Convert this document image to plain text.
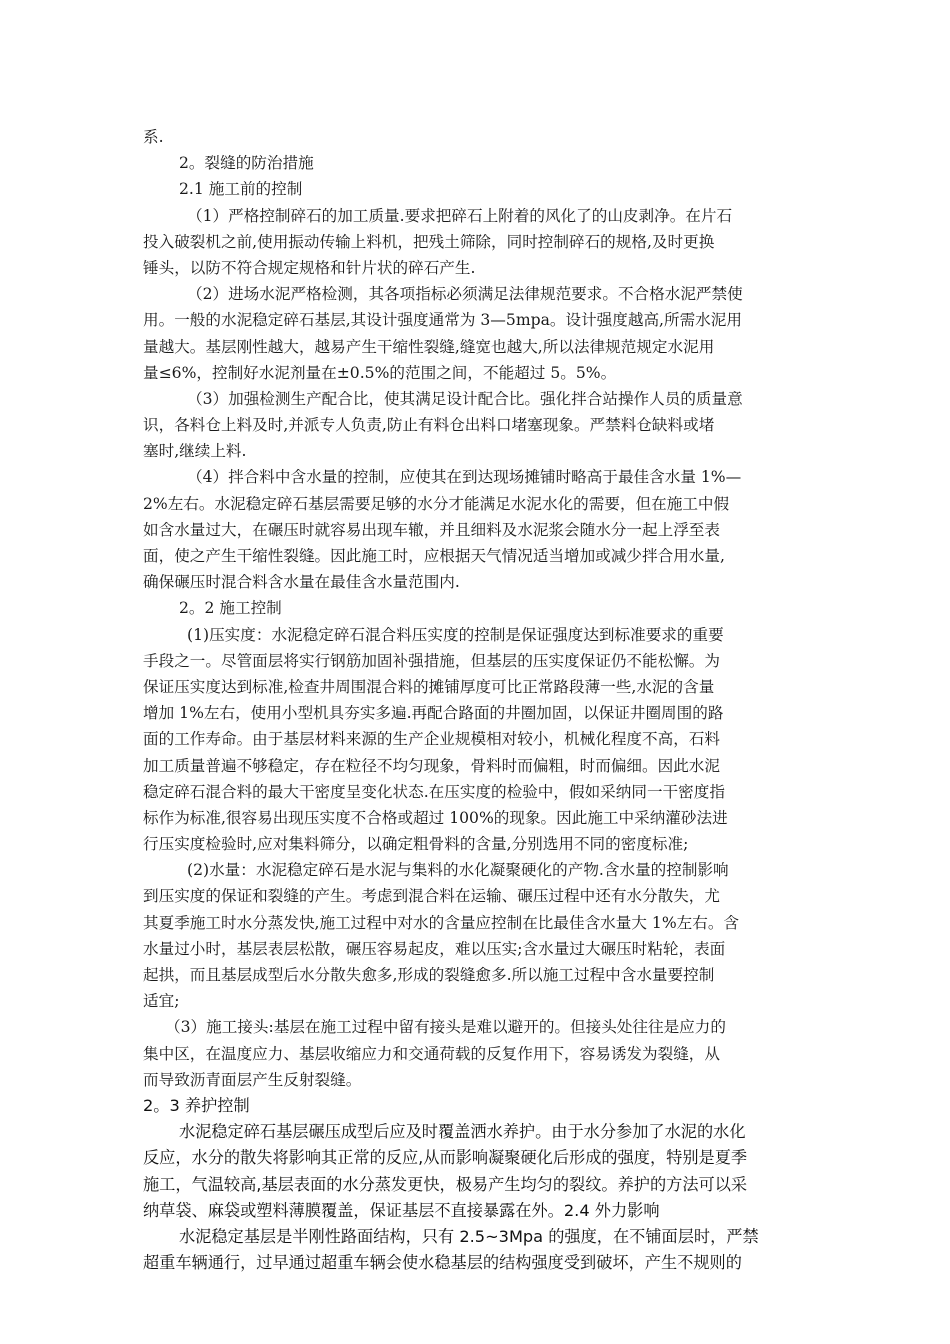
系.
2。裂缝的防治措施
2.1 施工前的控制
（1）严格控制碎石的加工质量.要求把碎石上附着的风化了的山皮剥净。在片石
投入破裂机之前,使用振动传输上料机，把残土筛除，同时控制碎石的规格,及时更换
锤头，以防不符合规定规格和针片状的碎石产生.
（2）进场水泥严格检测，其各项指标必须满足法律规范要求。不合格水泥严禁使
用。一般的水泥稳定碎石基层,其设计强度通常为 3—5mpa。设计强度越高,所需水泥用
量越大。基层刚性越大，越易产生干缩性裂缝,缝宽也越大,所以法律规范规定水泥用
量≤6%，控制好水泥剂量在±0.5%的范围之间，不能超过 5。5%。
（3）加强检测生产配合比，使其满足设计配合比。强化拌合站操作人员的质量意
识，各料仓上料及时,并派专人负责,防止有料仓出料口堵塞现象。严禁料仓缺料或堵
塞时,继续上料.
（4）拌合料中含水量的控制，应使其在到达现场摊铺时略高于最佳含水量 1%—
2%左右。水泥稳定碎石基层需要足够的水分才能满足水泥水化的需要，但在施工中假
如含水量过大，在碾压时就容易出现车辙，并且细料及水泥浆会随水分一起上浮至表
面，使之产生干缩性裂缝。因此施工时，应根据天气情况适当增加或减少拌合用水量,
确保碾压时混合料含水量在最佳含水量范围内.
2。2 施工控制
(1)压实度：水泥稳定碎石混合料压实度的控制是保证强度达到标准要求的重要
手段之一。尽管面层将实行钢筋加固补强措施，但基层的压实度保证仍不能松懈。为
保证压实度达到标准,检查井周围混合料的摊铺厚度可比正常路段薄一些,水泥的含量
增加 1%左右，使用小型机具夯实多遍.再配合路面的井圈加固，以保证井圈周围的路
面的工作寿命。由于基层材料来源的生产企业规模相对较小，机械化程度不高，石料
加工质量普遍不够稳定，存在粒径不均匀现象，骨料时而偏粗，时而偏细。因此水泥
稳定碎石混合料的最大干密度呈变化状态.在压实度的检验中，假如采纳同一干密度指
标作为标准,很容易出现压实度不合格或超过 100%的现象。因此施工中采纳灌砂法进
行压实度检验时,应对集料筛分，以确定粗骨料的含量,分别选用不同的密度标准;
(2)水量：水泥稳定碎石是水泥与集料的水化凝聚硬化的产物.含水量的控制影响
到压实度的保证和裂缝的产生。考虑到混合料在运输、碾压过程中还有水分散失，尤
其夏季施工时水分蒸发快,施工过程中对水的含量应控制在比最佳含水量大 1%左右。含
水量过小时，基层表层松散，碾压容易起皮，难以压实;含水量过大碾压时粘轮，表面
起拱，而且基层成型后水分散失愈多,形成的裂缝愈多.所以施工过程中含水量要控制
适宜;
（3）施工接头:基层在施工过程中留有接头是难以避开的。但接头处往往是应力的
集中区，在温度应力、基层收缩应力和交通荷载的反复作用下，容易诱发为裂缝，从
而导致沥青面层产生反射裂缝。
2。3 养护控制
水泥稳定碎石基层碾压成型后应及时覆盖洒水养护。由于水分参加了水泥的水化
反应，水分的散失将影响其正常的反应,从而影响凝聚硬化后形成的强度，特别是夏季
施工，气温较高,基层表面的水分蒸发更快，极易产生均匀的裂纹。养护的方法可以采
纳草袋、麻袋或塑料薄膜覆盖，保证基层不直接暴露在外。2.4 外力影响
水泥稳定基层是半刚性路面结构，只有 2.5~3Mpa 的强度，在不铺面层时，严禁
超重车辆通行，过早通过超重车辆会使水稳基层的结构强度受到破坏，产生不规则的
